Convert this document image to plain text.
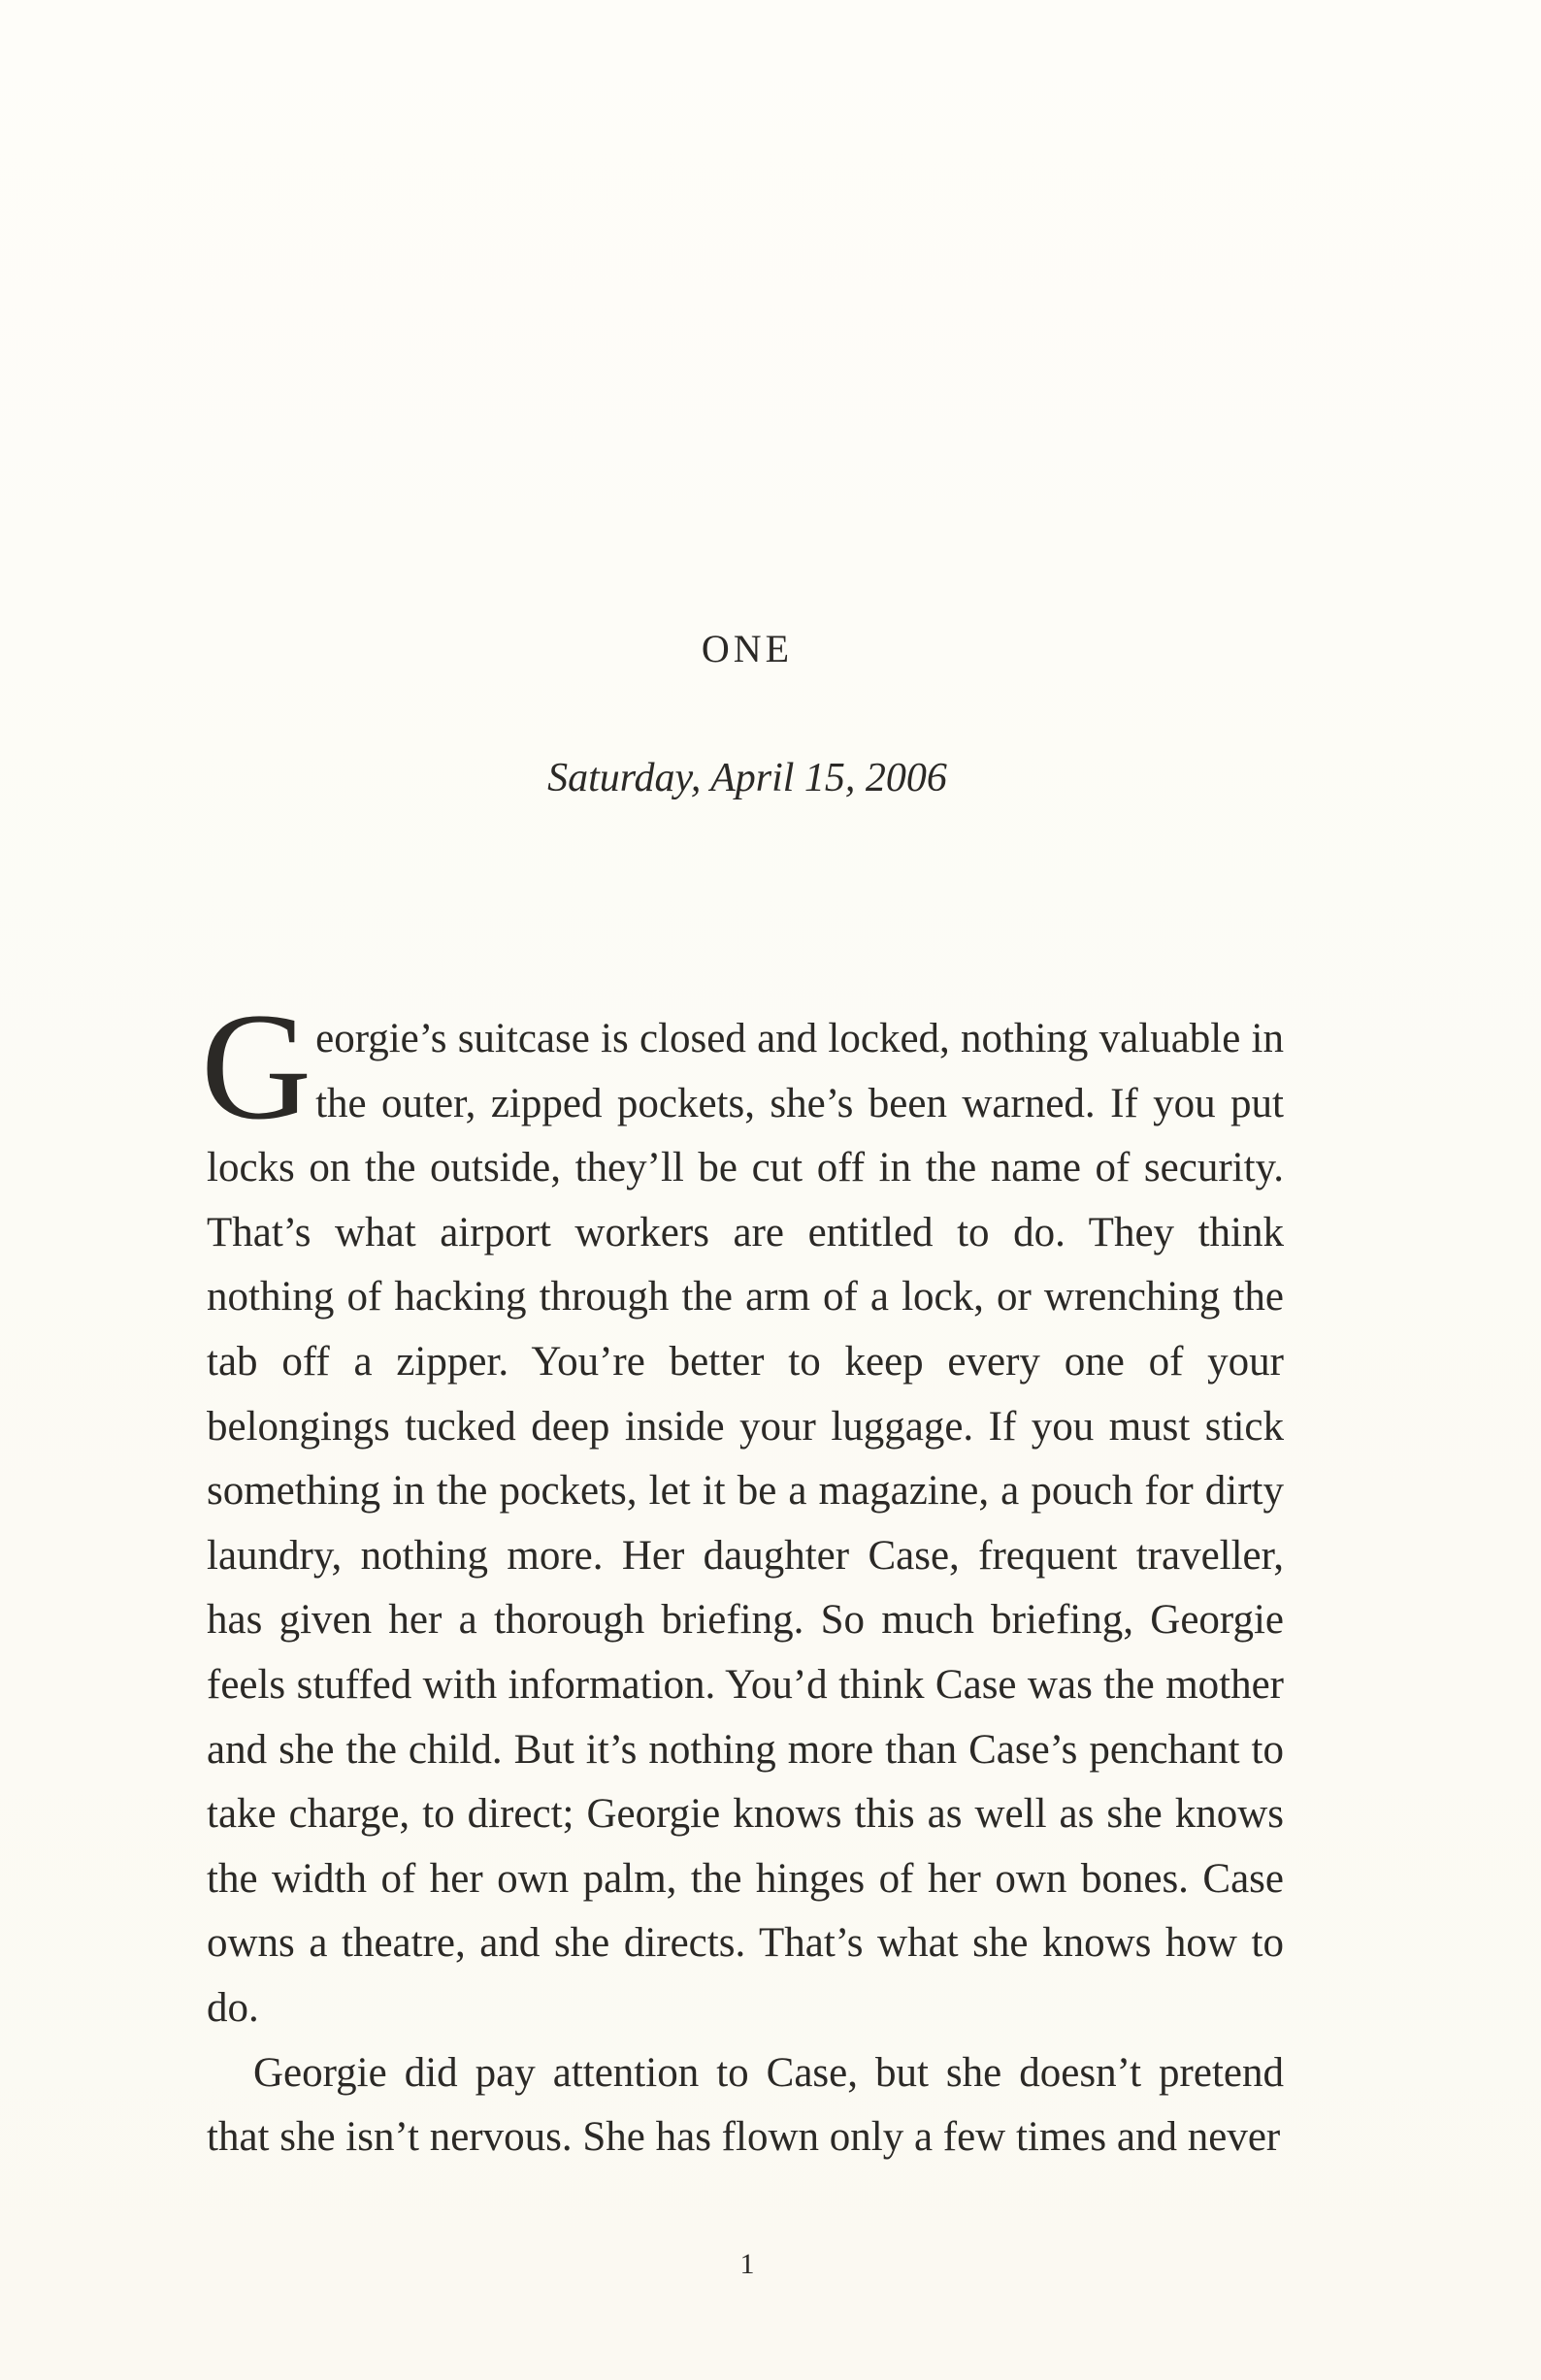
ONE
Saturday, April 15, 2006

Georgie’s suitcase is closed and locked, nothing valuable in the outer, zipped pockets, she’s been warned. If you put locks on the outside, they’ll be cut off in the name of security. That’s what airport workers are entitled to do. They think nothing of hacking through the arm of a lock, or wrenching the tab off a zipper. You’re better to keep every one of your belongings tucked deep inside your luggage. If you must stick something in the pockets, let it be a magazine, a pouch for dirty laundry, nothing more. Her daughter Case, frequent traveller, has given her a thorough briefing. So much briefing, Georgie feels stuffed with information. You’d think Case was the mother and she the child. But it’s nothing more than Case’s penchant to take charge, to direct; Georgie knows this as well as she knows the width of her own palm, the hinges of her own bones. Case owns a theatre, and she directs. That’s what she knows how to do.

Georgie did pay attention to Case, but she doesn’t pretend that she isn’t nervous. She has flown only a few times and never

1
